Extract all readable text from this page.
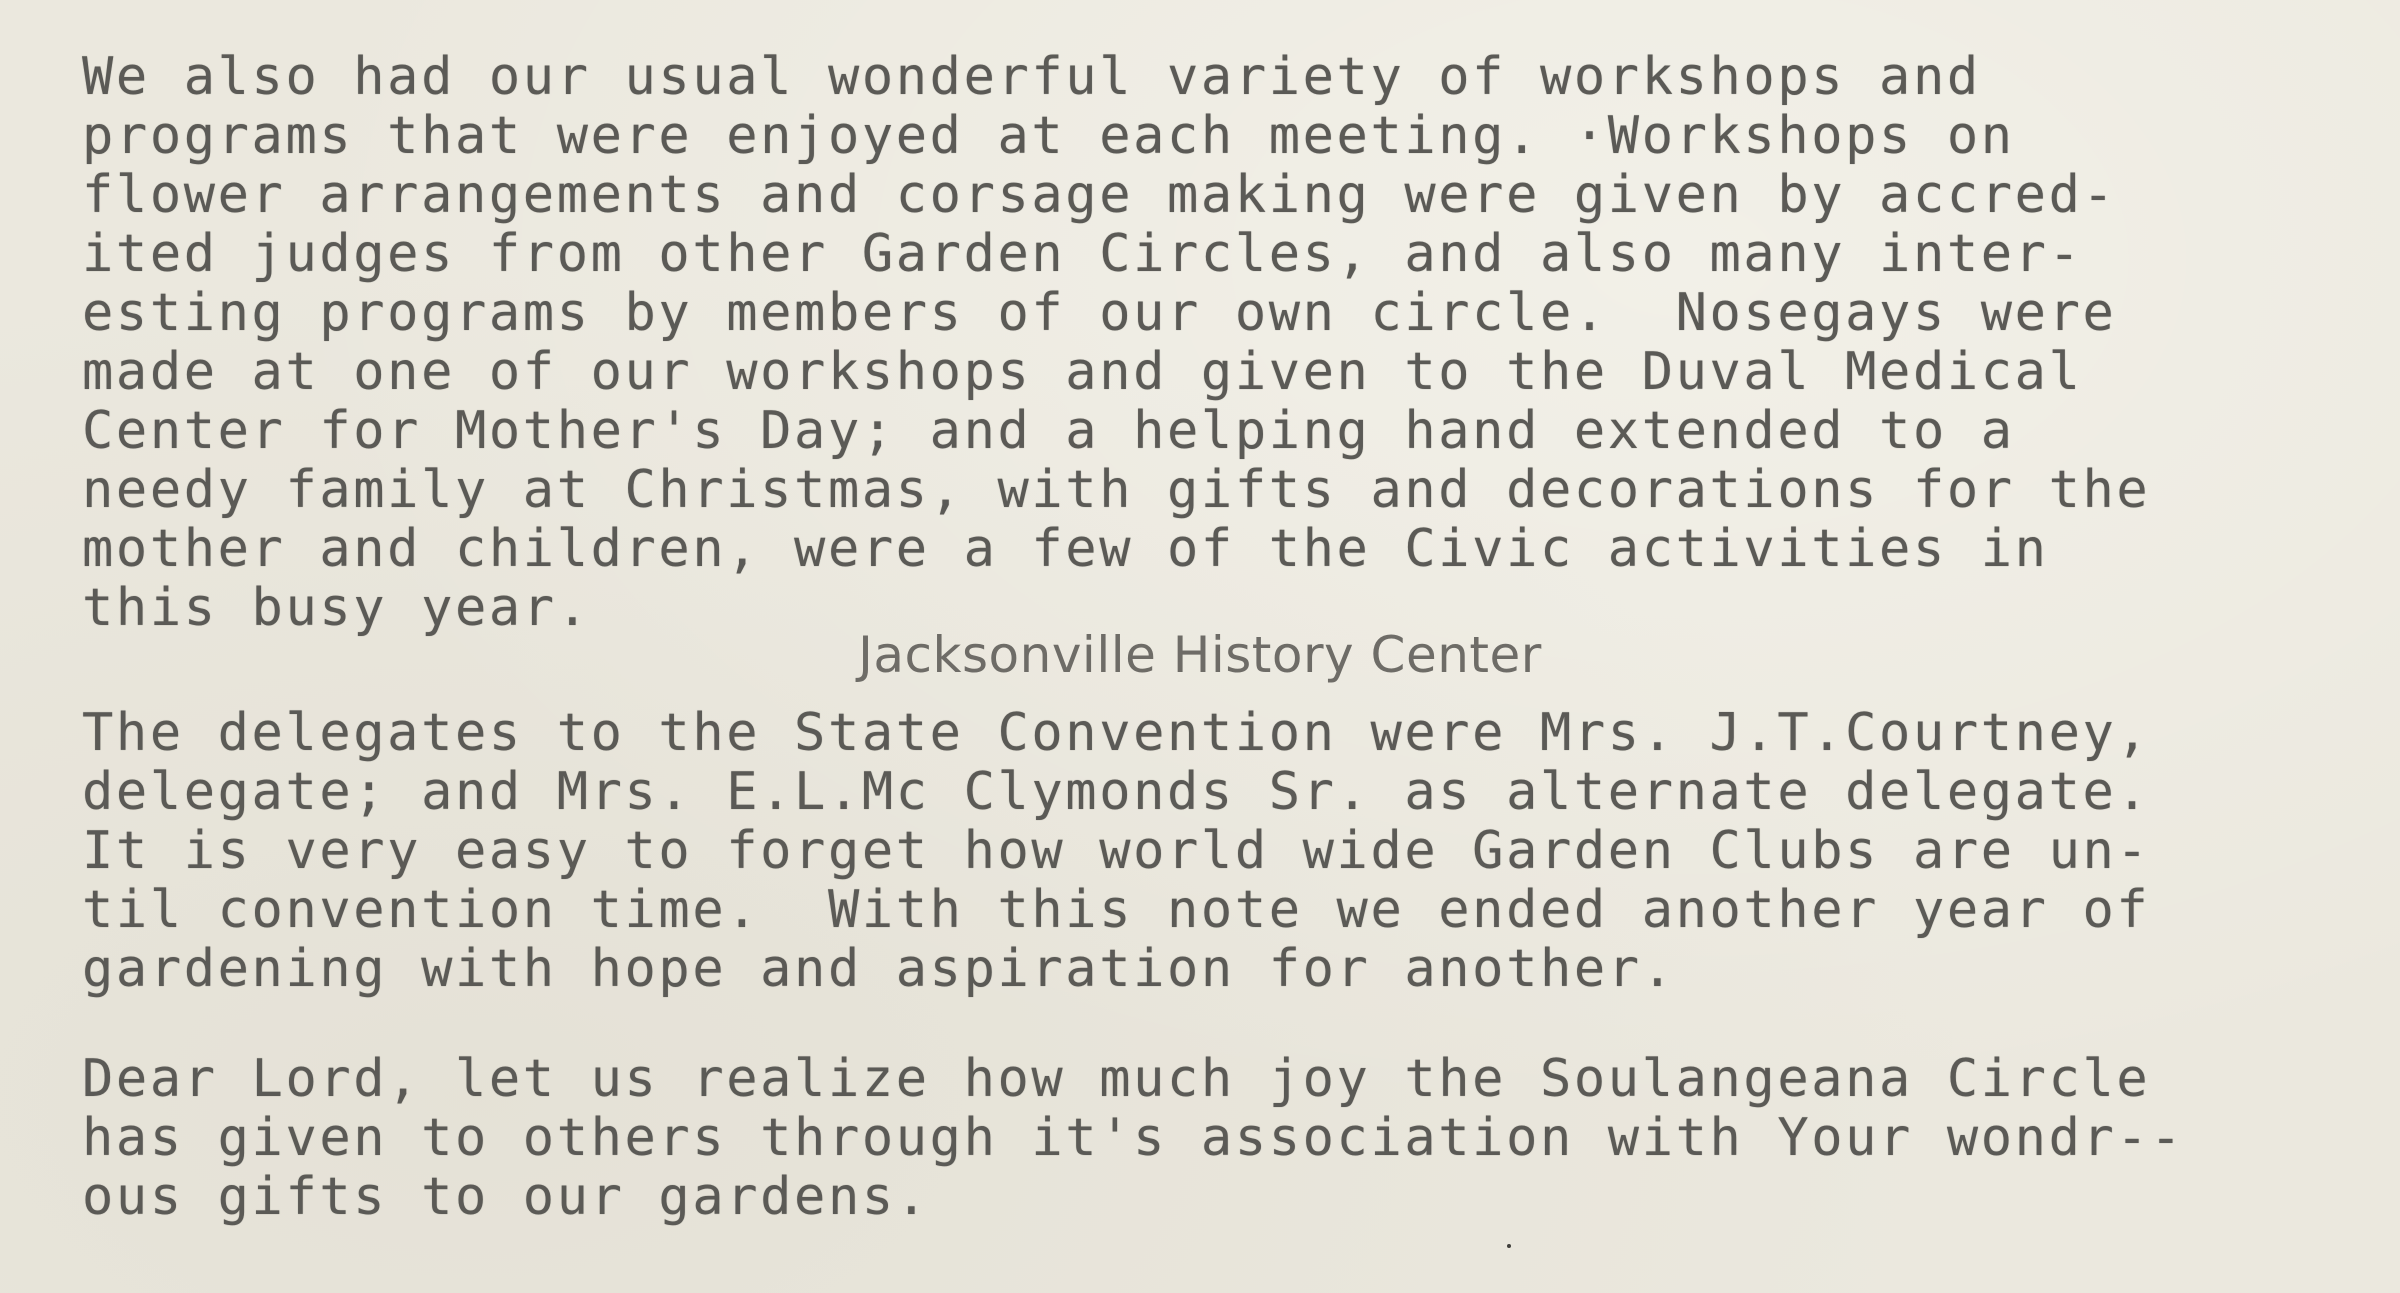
We also had our usual wonderful variety of workshops and
programs that were enjoyed at each meeting. ·Workshops on
flower arrangements and corsage making were given by accred-
ited judges from other Garden Circles, and also many inter-
esting programs by members of our own circle.  Nosegays were
made at one of our workshops and given to the Duval Medical
Center for Mother's Day; and a helping hand extended to a
needy family at Christmas, with gifts and decorations for the
mother and children, were a few of the Civic activities in
this busy year.
The delegates to the State Convention were Mrs. J.T.Courtney,
delegate; and Mrs. E.L.Mc Clymonds Sr. as alternate delegate.
It is very easy to forget how world wide Garden Clubs are un-
til convention time.  With this note we ended another year of
gardening with hope and aspiration for another.
Dear Lord, let us realize how much joy the Soulangeana Circle
has given to others through it's association with Your wondr--
ous gifts to our gardens.
Jacksonville History Center
